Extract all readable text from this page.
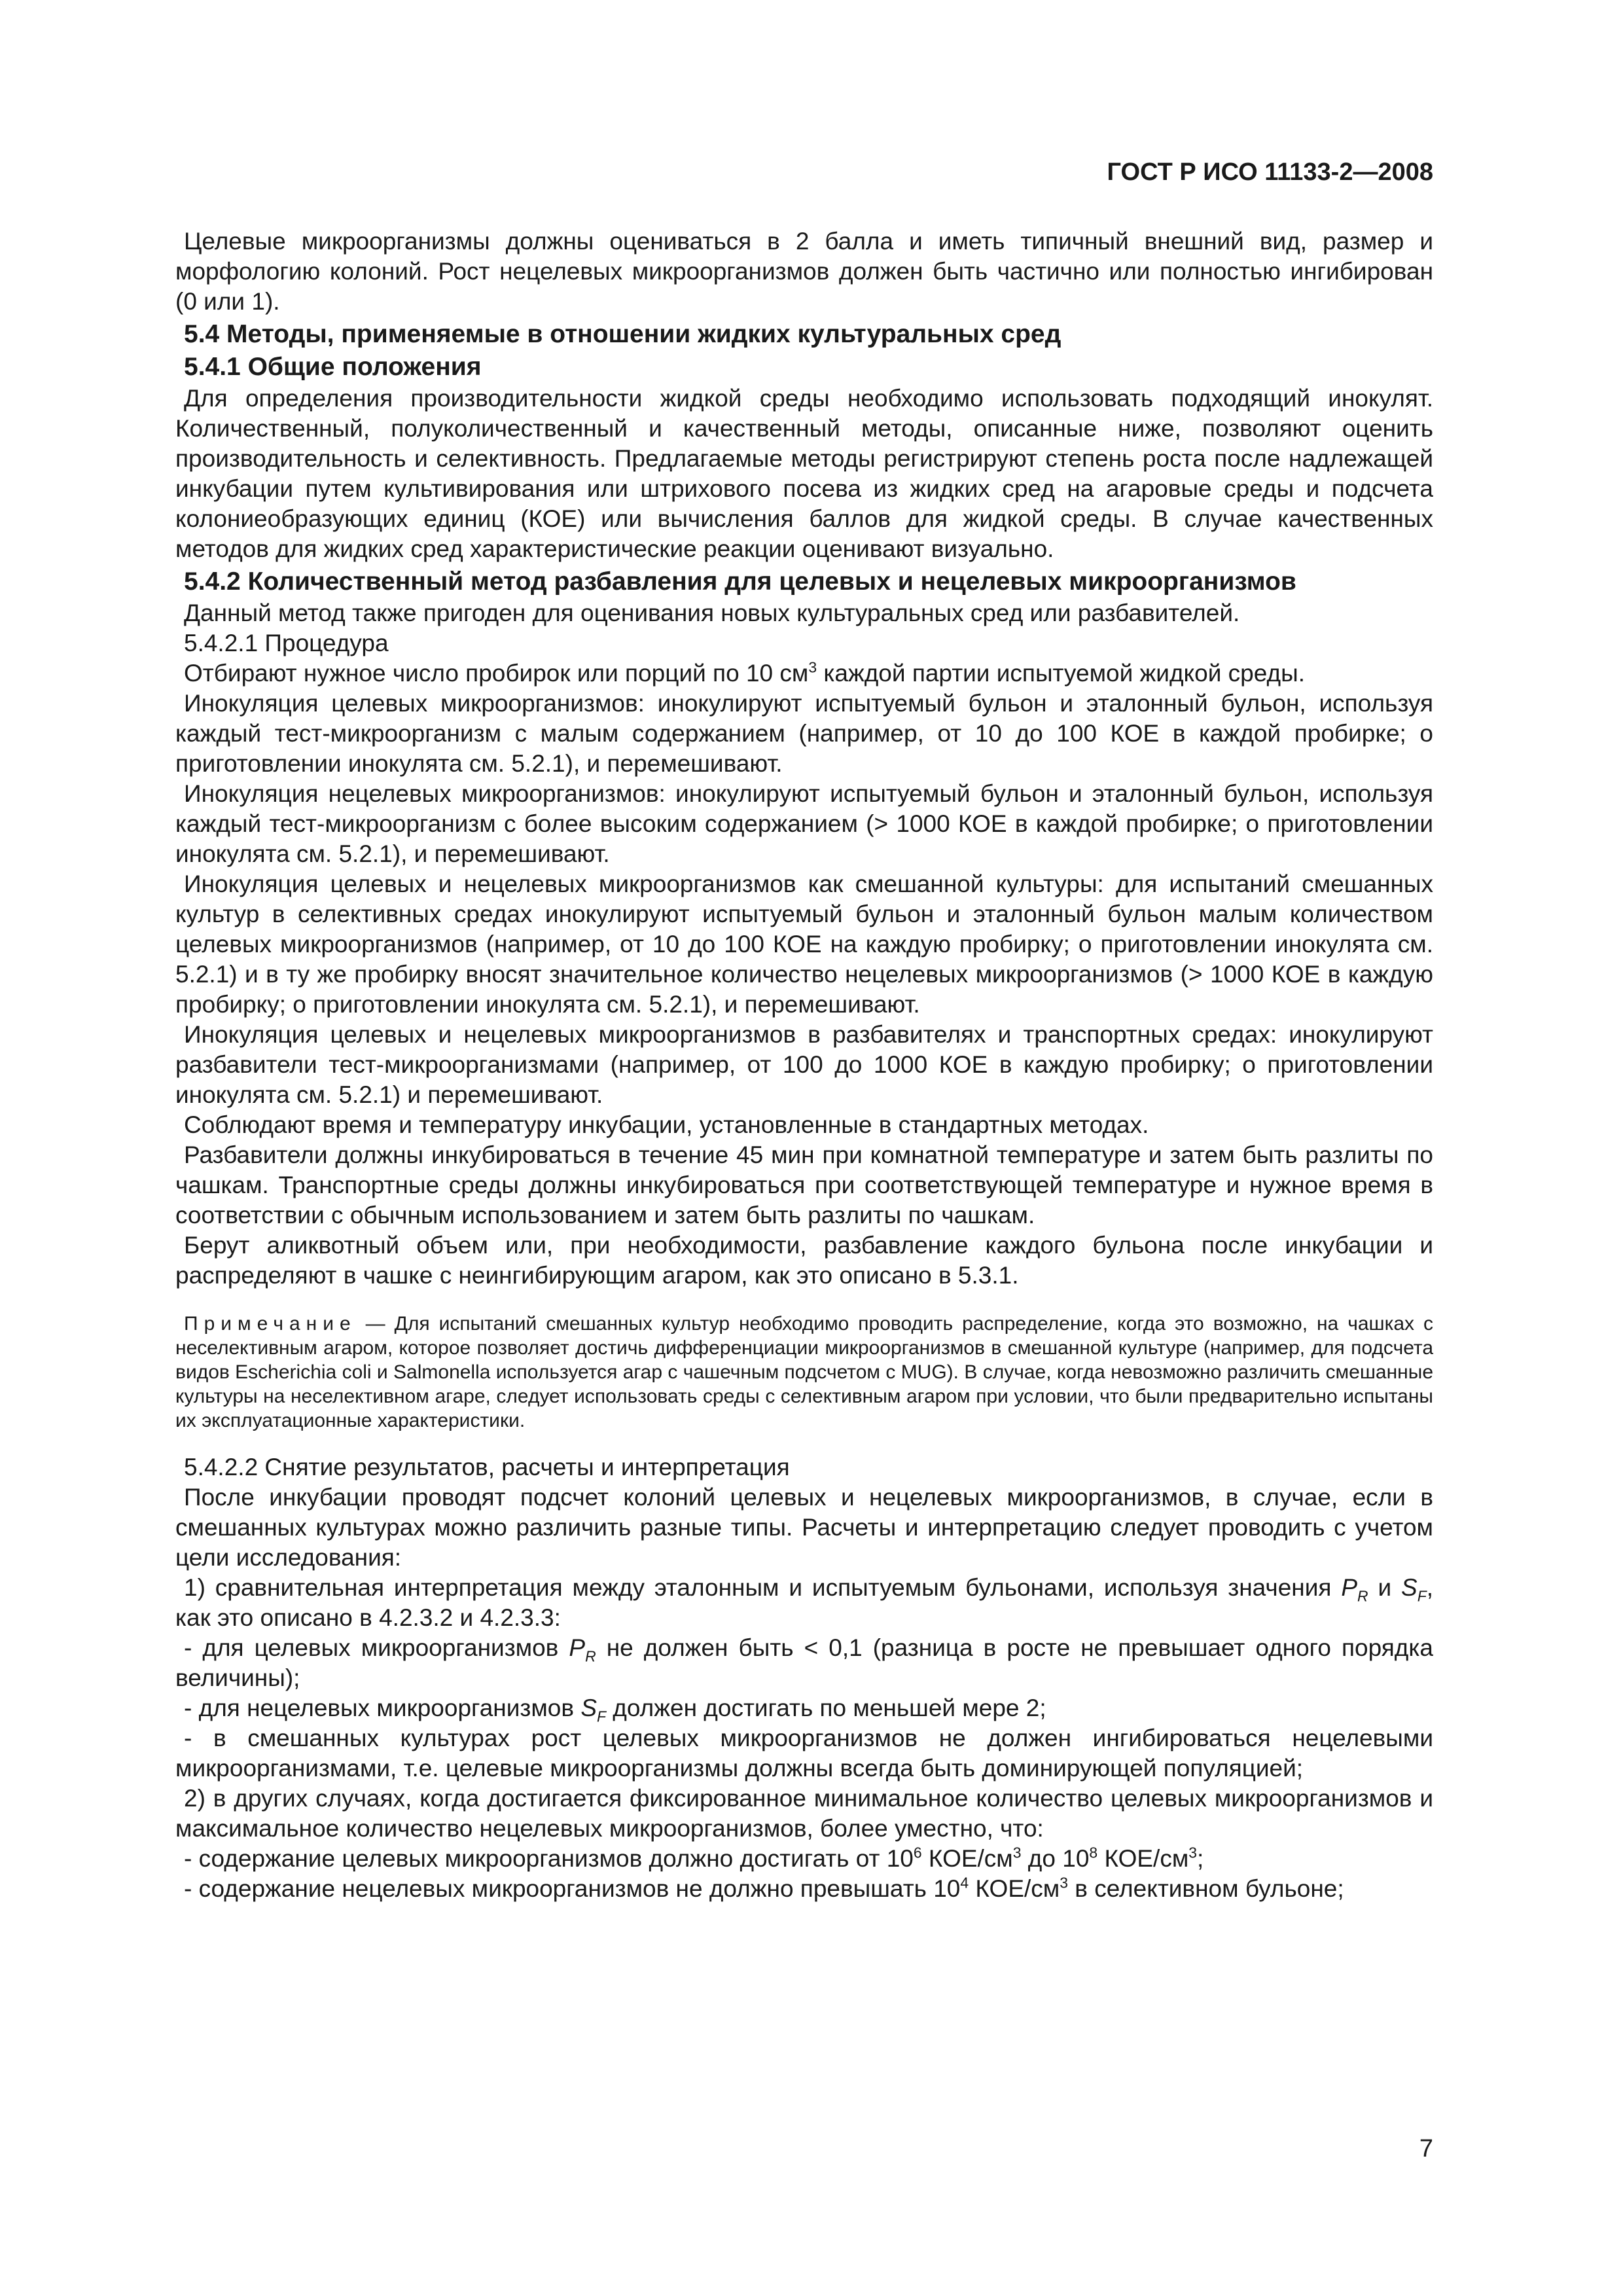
ГОСТ Р ИСО 11133-2—2008

Целевые микроорганизмы должны оцениваться в 2 балла и иметь типичный внешний вид, размер и морфологию колоний. Рост нецелевых микроорганизмов должен быть частично или полностью ингибирован (0 или 1).

5.4 Методы, применяемые в отношении жидких культуральных сред
5.4.1 Общие положения

Для определения производительности жидкой среды необходимо использовать подходящий инокулят. Количественный, полуколичественный и качественный методы, описанные ниже, позволяют оценить производительность и селективность. Предлагаемые методы регистрируют степень роста после надлежащей инкубации путем культивирования или штрихового посева из жидких сред на агаровые среды и подсчета колониеобразующих единиц (КОЕ) или вычисления баллов для жидкой среды. В случае качественных методов для жидких сред характеристические реакции оценивают визуально.

5.4.2 Количественный метод разбавления для целевых и нецелевых микроорганизмов

Данный метод также пригоден для оценивания новых культуральных сред или разбавителей.

5.4.2.1 Процедура

Отбирают нужное число пробирок или порций по 10 $см^3$ каждой партии испытуемой жидкой среды.

Инокуляция целевых микроорганизмов: инокулируют испытуемый бульон и эталонный бульон, используя каждый тест-микроорганизм с малым содержанием (например, от 10 до 100 КОЕ в каждой пробирке; о приготовлении инокулята см. 5.2.1), и перемешивают.

Инокуляция нецелевых микроорганизмов: инокулируют испытуемый бульон и эталонный бульон, используя каждый тест-микроорганизм с более высоким содержанием (> 1000 КОЕ в каждой пробирке; о приготовлении инокулята см. 5.2.1), и перемешивают.

Инокуляция целевых и нецелевых микроорганизмов как смешанной культуры: для испытаний смешанных культур в селективных средах инокулируют испытуемый бульон и эталонный бульон малым количеством целевых микроорганизмов (например, от 10 до 100 КОЕ на каждую пробирку; о приготовлении инокулята см. 5.2.1) и в ту же пробирку вносят значительное количество нецелевых микроорганизмов (> 1000 КОЕ в каждую пробирку; о приготовлении инокулята см. 5.2.1), и перемешивают.

Инокуляция целевых и нецелевых микроорганизмов в разбавителях и транспортных средах: инокулируют разбавители тест-микроорганизмами (например, от 100 до 1000 КОЕ в каждую пробирку; о приготовлении инокулята см. 5.2.1) и перемешивают.

Соблюдают время и температуру инкубации, установленные в стандартных методах.

Разбавители должны инкубироваться в течение 45 мин при комнатной температуре и затем быть разлиты по чашкам. Транспортные среды должны инкубироваться при соответствующей температуре и нужное время в соответствии с обычным использованием и затем быть разлиты по чашкам.

Берут аликвотный объем или, при необходимости, разбавление каждого бульона после инкубации и распределяют в чашке с неингибирующим агаром, как это описано в 5.3.1.

Примечание — Для испытаний смешанных культур необходимо проводить распределение, когда это возможно, на чашках с неселективным агаром, которое позволяет достичь дифференциации микроорганизмов в смешанной культуре (например, для подсчета видов Escherichia coli и Salmonella используется агар с чашечным подсчетом с MUG). В случае, когда невозможно различить смешанные культуры на неселективном агаре, следует использовать среды с селективным агаром при условии, что были предварительно испытаны их эксплуатационные характеристики.

5.4.2.2 Снятие результатов, расчеты и интерпретация

После инкубации проводят подсчет колоний целевых и нецелевых микроорганизмов, в случае, если в смешанных культурах можно различить разные типы. Расчеты и интерпретацию следует проводить с учетом цели исследования:

1) сравнительная интерпретация между эталонным и испытуемым бульонами, используя значения $P_R$ и $S_F$, как это описано в 4.2.3.2 и 4.2.3.3:

- для целевых микроорганизмов $P_R$ не должен быть < 0,1 (разница в росте не превышает одного порядка величины);

- для нецелевых микроорганизмов $S_F$ должен достигать по меньшей мере 2;

- в смешанных культурах рост целевых микроорганизмов не должен ингибироваться нецелевыми микроорганизмами, т.е. целевые микроорганизмы должны всегда быть доминирующей популяцией;

2) в других случаях, когда достигается фиксированное минимальное количество целевых микроорганизмов и максимальное количество нецелевых микроорганизмов, более уместно, что:

- содержание целевых микроорганизмов должно достигать от $10^6$ КОЕ/$см^3$ до $10^8$ КОЕ/$см^3$;

- содержание нецелевых микроорганизмов не должно превышать $10^4$ КОЕ/$см^3$ в селективном бульоне;

7
